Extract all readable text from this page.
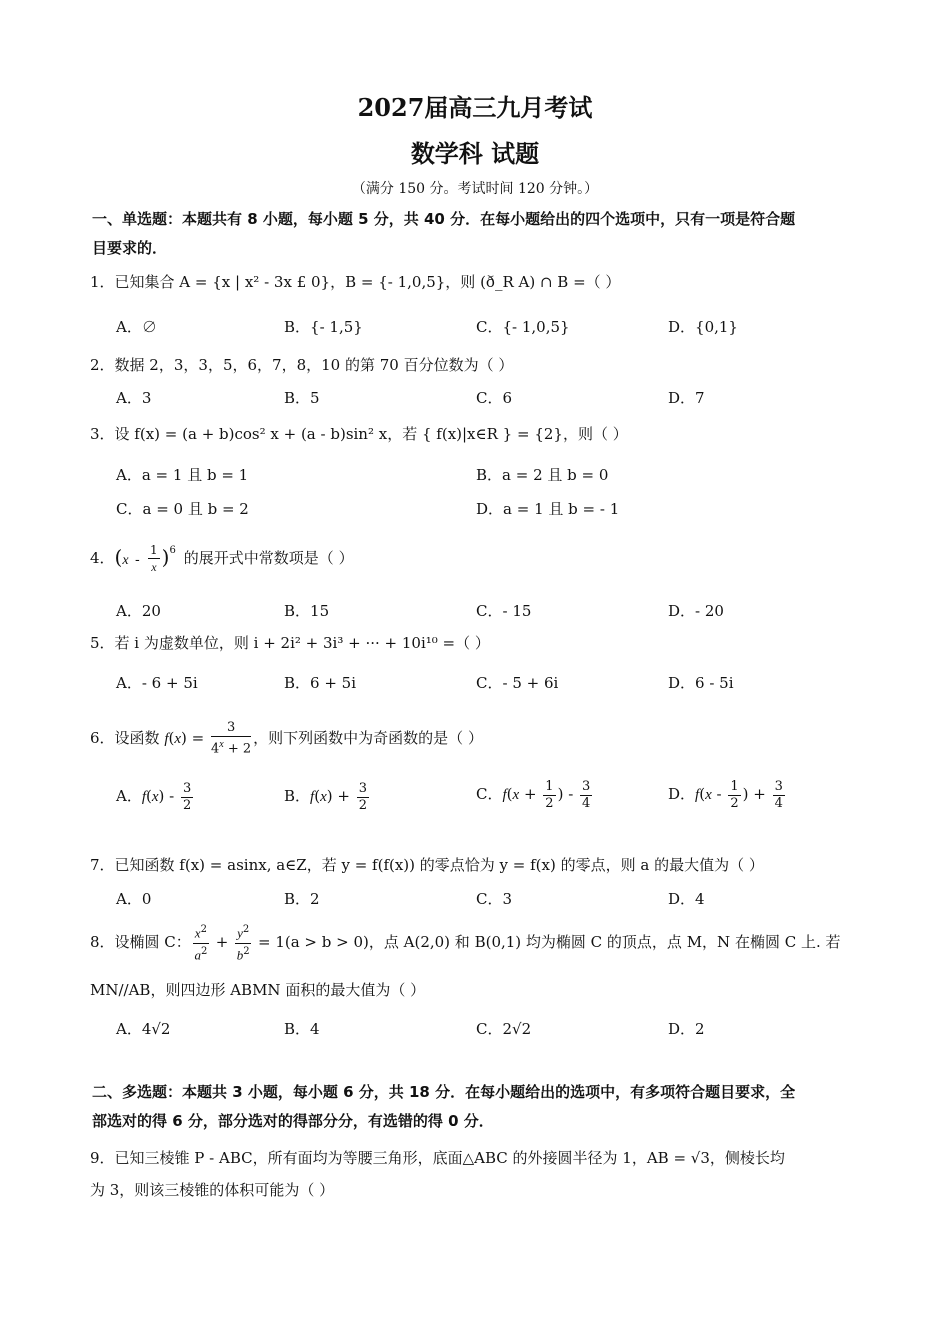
2027届高三九月考试
数学科 试题
（满分 150 分。考试时间 120 分钟。）
一、单选题：本题共有 8 小题，每小题 5 分，共 40 分．在每小题给出的四个选项中，只有一项是符合题
目要求的．
1．已知集合 A = {x | x² - 3x £ 0}，B = {- 1,0,5}，则 (ð_R A) ∩ B =（ ）
A．∅	B．{- 1,5}	C．{- 1,0,5}	D．{0,1}
2．数据 2，3，3，5，6，7，8，10 的第 70 百分位数为（ ）
A．3	B．5	C．6	D．7
3．设 f(x) = (a + b)cos² x + (a - b)sin² x，若 { f(x)|x∈R } = {2}，则（ ）
A．a = 1 且 b = 1	B．a = 2 且 b = 0
C．a = 0 且 b = 2	D．a = 1 且 b = - 1
4．($x - \frac{1}{x}$ ) 6 的展开式中常数项是（ ）
A．20	B．15	C．- 15	D．- 20
5．若 i 为虚数单位，则 i + 2i² + 3i³ + ··· + 10i¹⁰ =（ ）
A．- 6 + 5i	B．6 + 5i	C．- 5 + 6i	D．6 - 5i
6．设函数 $f(x) = \frac{3}{4^x + 2}$ ，则下列函数中为奇函数的是（ ）
A．$f(x) - \frac{3}{2}$	B．$f(x) + \frac{3}{2}$	C．$f(x + \frac{1}{2}$ ) - $\frac{3}{4}$	D．$f(x - \frac{1}{2}$ ) + $\frac{3}{4}$
7．已知函数 f(x) = asinx, a∈Z，若 y = f(f(x)) 的零点恰为 y = f(x) 的零点，则 a 的最大值为（ ）
A．0	B．2	C．3	D．4
8．设椭圆 C： $\frac{x^2}{a^2} + \frac{y^2}{b^2} = 1(a > b > 0)$，点 A(2,0) 和 B(0,1) 均为椭圆 C 的顶点，点 M，N 在椭圆 C 上. 若
MN//AB，则四边形 ABMN 面积的最大值为（ ）
A．4√2	B．4	C．2√2	D．2
二、多选题：本题共 3 小题，每小题 6 分，共 18 分．在每小题给出的选项中，有多项符合题目要求，全
部选对的得 6 分，部分选对的得部分分，有选错的得 0 分．
9．已知三棱锥 P - ABC，所有面均为等腰三角形，底面△ABC 的外接圆半径为 1，AB = √3，侧棱长均
为 3，则该三棱锥的体积可能为（ ）
